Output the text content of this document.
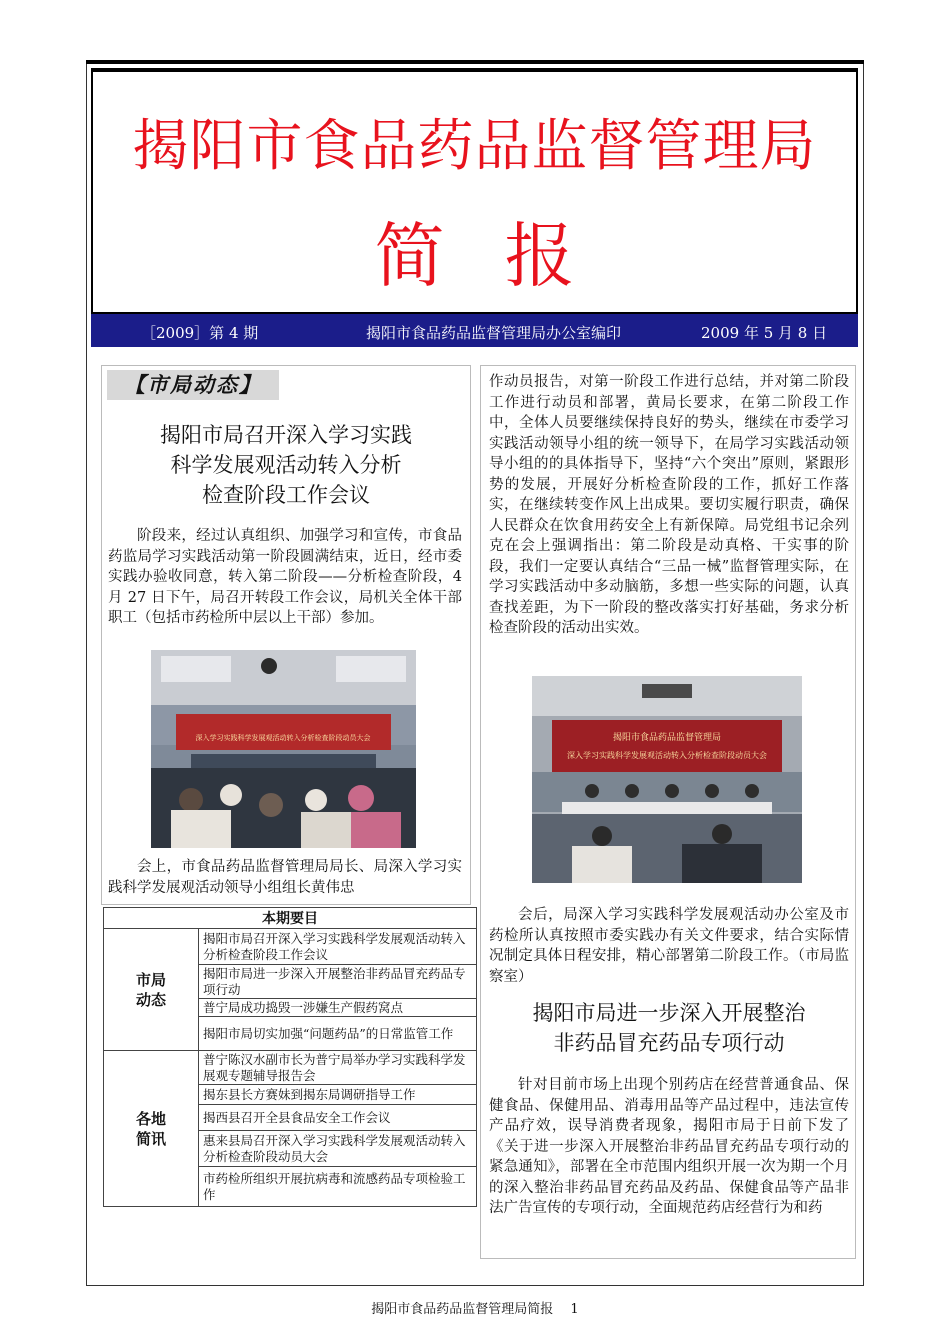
揭阳市食品药品监督管理局
简报
［2009］第 4 期	揭阳市食品药品监督管理局办公室编印	2009 年 5 月 8 日
【市局动态】
揭阳市局召开深入学习实践
科学发展观活动转入分析
检查阶段工作会议

阶段来，经过认真组织、加强学习和宣传，市食品药监局学习实践活动第一阶段圆满结束，近日，经市委实践办验收同意，转入第二阶段——分析检查阶段，4 月 27 日下午，局召开转段工作会议，局机关全体干部职工（包括市药检所中层以上干部）参加。

深入学习实践科学发展观活动转入分析检查阶段动员大会

会上，市食品药品监督管理局局长、局深入学习实践科学发展观活动领导小组组长黄伟忠

本期要目	

市局动态	揭阳市局召开深入学习实践科学发展观活动转入分析检查阶段工作会议
	揭阳市局进一步深入开展整治非药品冒充药品专项行动
	普宁局成功捣毁一涉嫌生产假药窝点
	揭阳市局切实加强“问题药品”的日常监管工作

各地简讯	普宁陈汉水副市长为普宁局举办学习实践科学发展观专题辅导报告会
	揭东县长方赛妹到揭东局调研指导工作
	揭西县召开全县食品安全工作会议
	惠来县局召开深入学习实践科学发展观活动转入分析检查阶段动员大会
	市药检所组织开展抗病毒和流感药品专项检验工作

作动员报告，对第一阶段工作进行总结，并对第二阶段工作进行动员和部署，黄局长要求，在第二阶段工作中，全体人员要继续保持良好的势头，继续在市委学习实践活动领导小组的统一领导下，在局学习实践活动领导小组的的具体指导下，坚持“六个突出”原则，紧跟形势的发展，开展好分析检查阶段的工作，抓好工作落实，在继续转变作风上出成果。要切实履行职责，确保人民群众在饮食用药安全上有新保障。局党组书记余列克在会上强调指出：第二阶段是动真格、干实事的阶段，我们一定要认真结合“三品一械”监督管理实际，在学习实践活动中多动脑筋，多想一些实际的问题，认真查找差距，为下一阶段的整改落实打好基础，务求分析检查阶段的活动出实效。

揭阳市食品药品监督管理局
深入学习实践科学发展观活动转入分析检查阶段动员大会

会后，局深入学习实践科学发展观活动办公室及市药检所认真按照市委实践办有关文件要求，结合实际情况制定具体日程安排，精心部署第二阶段工作。（市局监察室）

揭阳市局进一步深入开展整治
非药品冒充药品专项行动

针对目前市场上出现个别药店在经营普通食品、保健食品、保健用品、消毒用品等产品过程中，违法宣传产品疗效，误导消费者现象，揭阳市局于日前下发了《关于进一步深入开展整治非药品冒充药品专项行动的紧急通知》，部署在全市范围内组织开展一次为期一个月的深入整治非药品冒充药品及药品、保健食品等产品非法广告宣传的专项行动，全面规范药店经营行为和药

揭阳市食品药品监督管理局简报　 1
